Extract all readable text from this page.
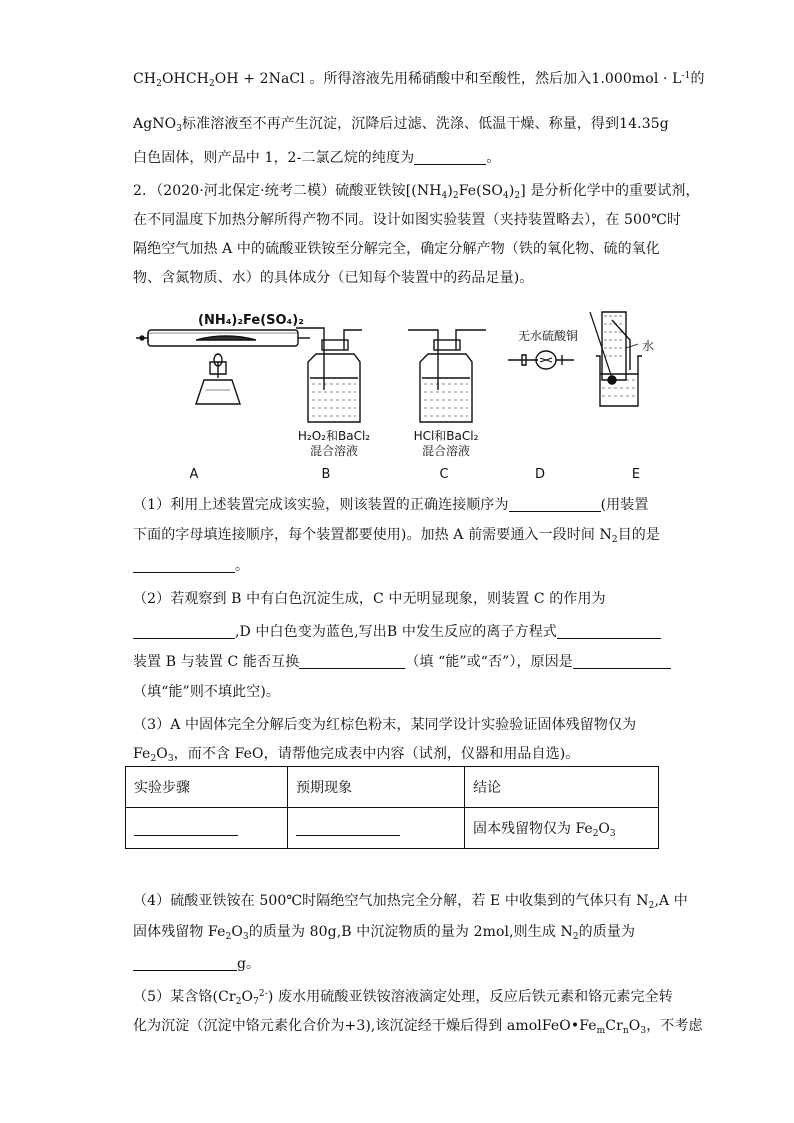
$CH_2OHCH_2OH$ + 2NaCl 。所得溶液先用稀硝酸中和至酸性，然后加入$1.000mol \cdot L^{-1}$的
AgNO$_3$标准溶液至不再产生沉淀，沉降后过滤、洗涤、低温干燥、称量，得到14.35g
白色固体，则产品中 1，2-二氯乙烷的纯度为	。
2．（2020·河北保定·统考二模）硫酸亚铁铵$[(NH_4)_2Fe(SO_4)_2]$ 是分析化学中的重要试剂，
在不同温度下加热分解所得产物不同。设计如图实验装置（夹持装置略去），在 500℃时
隔绝空气加热 A 中的硫酸亚铁铵至分解完全，确定分解产物（铁的氧化物、硫的氧化
物、含氮物质、水）的具体成分（已知每个装置中的药品足量)。
(NH₄)₂Fe(SO₄)₂
H₂O₂和BaCl₂
混合溶液
HCl和BaCl₂
混合溶液
无水硫酸铜
水
A	B	C	D	E
（1）利用上述装置完成该实验，则该装置的正确连接顺序为	(用装置
下面的字母填连接顺序，每个装置都要使用)。加热 A 前需要通入一段时间 $N_2$目的是
。
（2）若观察到 B 中有白色沉淀生成，C 中无明显现象，则装置 C 的作用为
,D 中白色变为蓝色,写出B 中发生反应的离子方程式
装置 B 与装置 C 能否互换	（填 “能”或“否”），原因是
（填“能”则不填此空)。
（3）A 中固体完全分解后变为红棕色粉末，某同学设计实验验证固体残留物仅为
$Fe_2O_3$，而不含 FeO，请帮他完成表中内容（试剂，仪器和用品自选)。
实验步骤	预期现象	结论
		固本残留物仅为 $Fe_2O_3$
（4）硫酸亚铁铵在 500℃时隔绝空气加热完全分解，若 E 中收集到的气体只有 $N_2,A$ 中
固体残留物 $Fe_2O_3$的质量为 80g,B 中沉淀物质的量为 2mol,则生成 $N_2$的质量为
g。
（5）某含铬$(Cr_2O_7^{2-})$ 废水用硫酸亚铁铵溶液滴定处理，反应后铁元素和铬元素完全转
化为沉淀（沉淀中铬元素化合价为+3),该沉淀经干燥后得到 $amolFeO•Fe_mCr_nO_3$，不考虑
